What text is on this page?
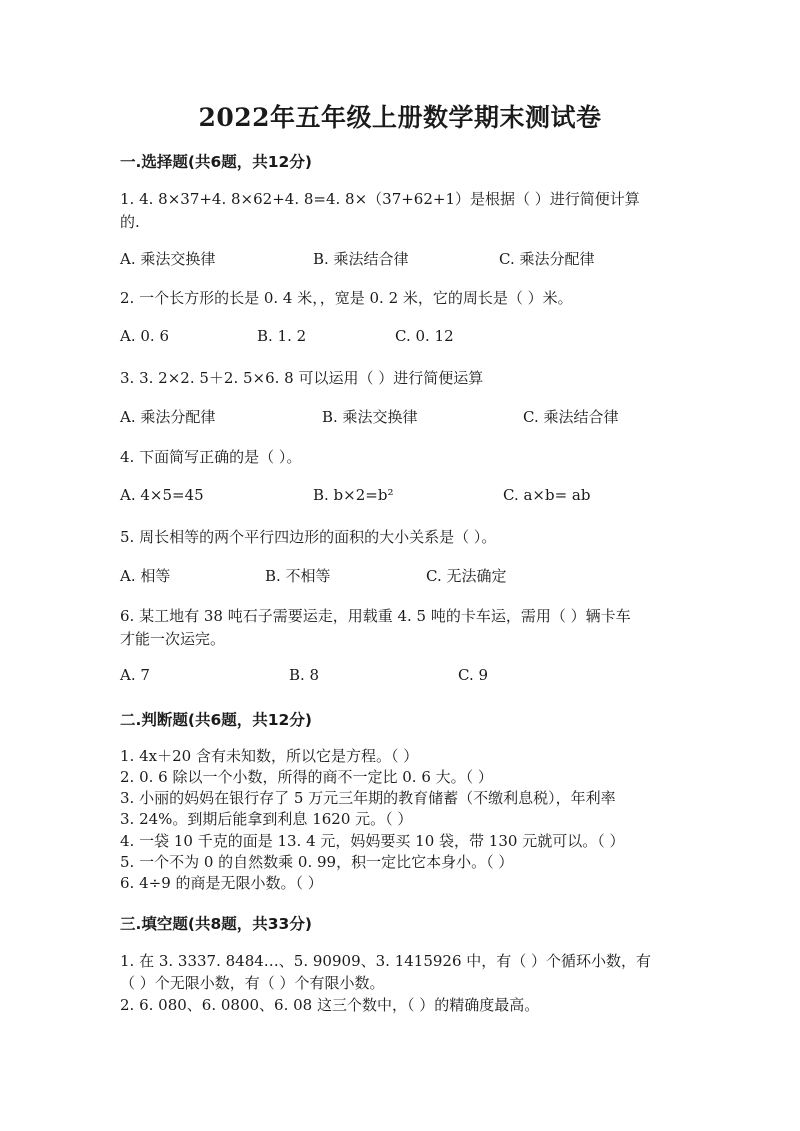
2022年五年级上册数学期末测试卷
一.选择题(共6题，共12分)
1. 4. 8×37+4. 8×62+4. 8=4. 8×（37+62+1）是根据（ ）进行简便计算
的.
A. 乘法交换律	B. 乘法结合律	C. 乘法分配律
2. 一个长方形的长是 0. 4 米，，宽是 0. 2 米，它的周长是（ ）米。
A. 0. 6	B. 1. 2	C. 0. 12
3. 3. 2×2. 5＋2. 5×6. 8 可以运用（ ）进行简便运算
A. 乘法分配律	B. 乘法交换律	C. 乘法结合律
4. 下面简写正确的是（ ）。
A. 4×5=45	B. b×2=b²	C. a×b= ab
5. 周长相等的两个平行四边形的面积的大小关系是（ ）。
A. 相等	B. 不相等	C. 无法确定
6. 某工地有 38 吨石子需要运走，用载重 4. 5 吨的卡车运，需用（ ）辆卡车
才能一次运完。
A. 7	B. 8	C. 9
二.判断题(共6题，共12分)
1. 4x＋20 含有未知数，所以它是方程。（ ）
2. 0. 6 除以一个小数，所得的商不一定比 0. 6 大。（ ）
3. 小丽的妈妈在银行存了 5 万元三年期的教育储蓄（不缴利息税），年利率
3. 24%。到期后能拿到利息 1620 元。（ ）
4. 一袋 10 千克的面是 13. 4 元，妈妈要买 10 袋，带 130 元就可以。（ ）
5. 一个不为 0 的自然数乘 0. 99，积一定比它本身小。（ ）
6. 4÷9 的商是无限小数。（ ）
三.填空题(共8题，共33分)
1. 在 3. 3337. 8484…、5. 90909、3. 1415926 中，有（ ）个循环小数，有
（ ）个无限小数，有（ ）个有限小数。
2. 6. 080、6. 0800、6. 08 这三个数中，（ ）的精确度最高。
